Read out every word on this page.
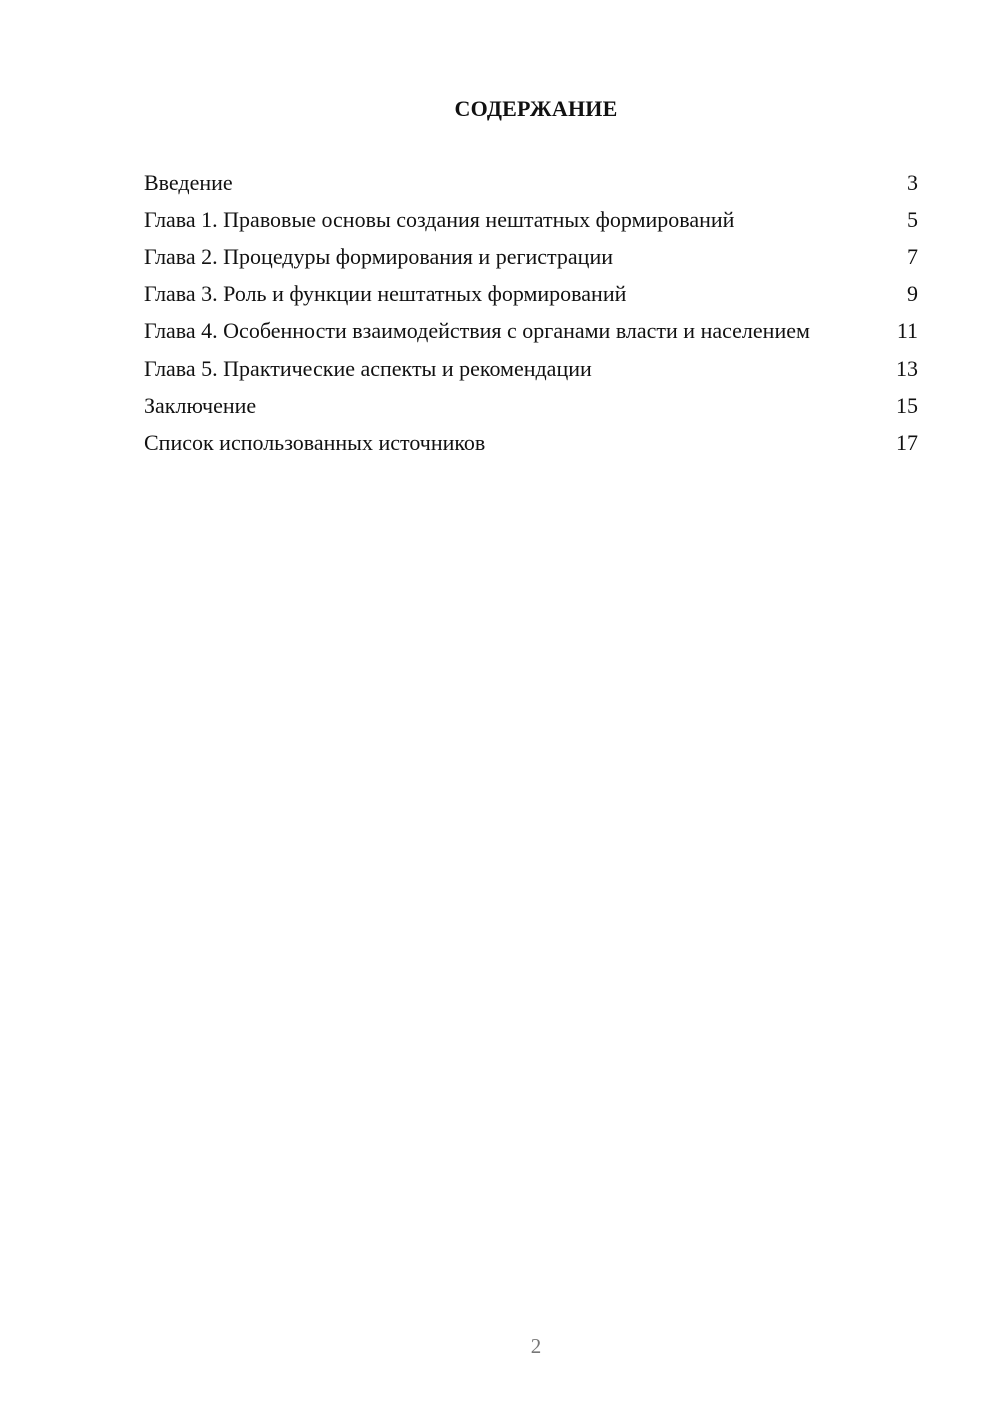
СОДЕРЖАНИЕ
Введение	3
Глава 1. Правовые основы создания нештатных формирований	5
Глава 2. Процедуры формирования и регистрации	7
Глава 3. Роль и функции нештатных формирований	9
Глава 4. Особенности взаимодействия с органами власти и населением	11
Глава 5. Практические аспекты и рекомендации	13
Заключение	15
Список использованных источников	17
2
